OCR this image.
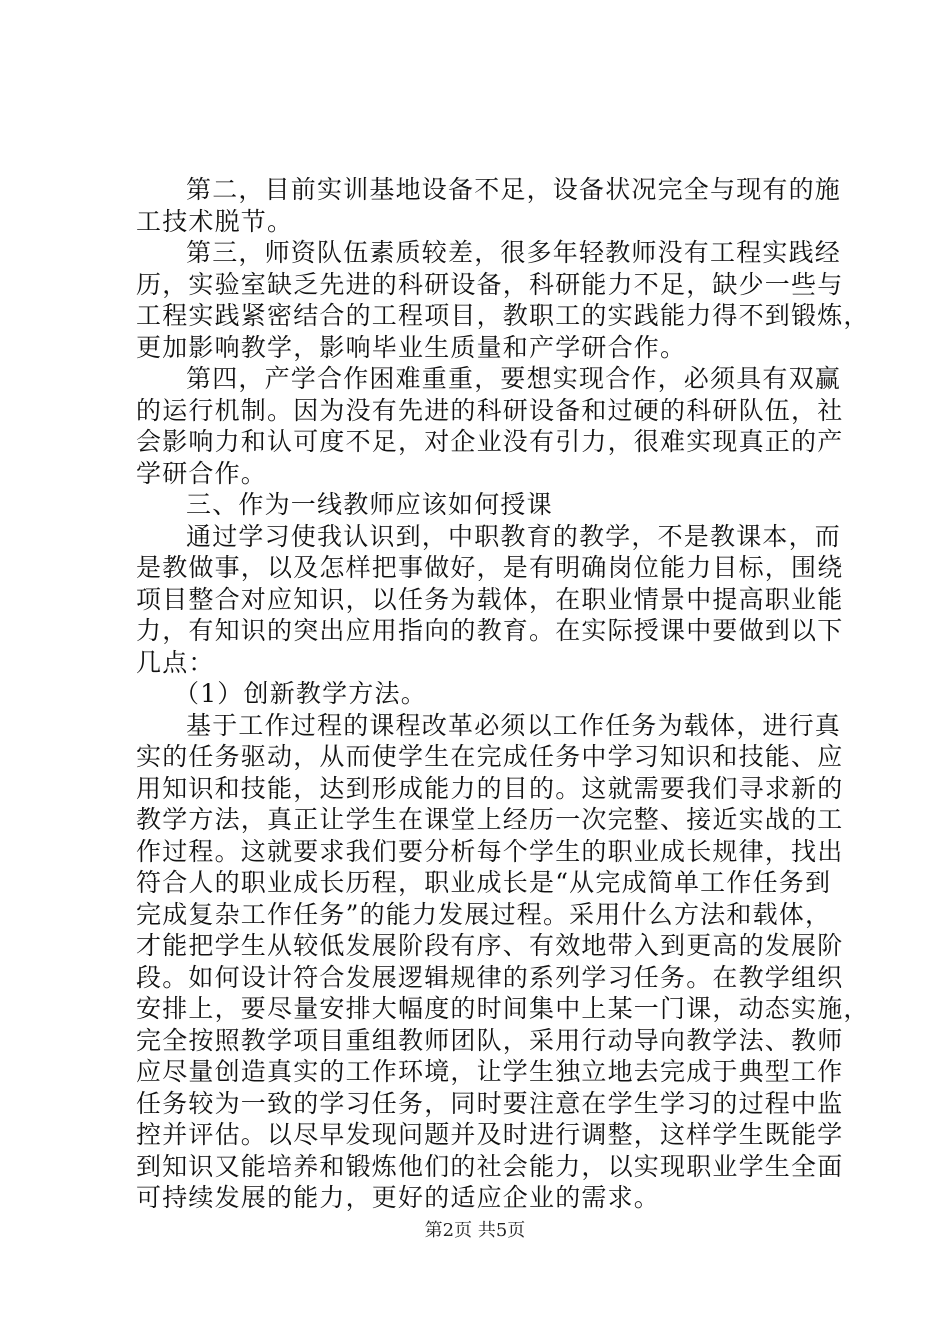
第二，目前实训基地设备不足，设备状况完全与现有的施
工技术脱节。
第三，师资队伍素质较差，很多年轻教师没有工程实践经
历，实验室缺乏先进的科研设备，科研能力不足，缺少一些与
工程实践紧密结合的工程项目，教职工的实践能力得不到锻炼，
更加影响教学，影响毕业生质量和产学研合作。
第四，产学合作困难重重，要想实现合作，必须具有双赢
的运行机制。因为没有先进的科研设备和过硬的科研队伍，社
会影响力和认可度不足，对企业没有引力，很难实现真正的产
学研合作。
三、作为一线教师应该如何授课
通过学习使我认识到，中职教育的教学，不是教课本，而
是教做事，以及怎样把事做好，是有明确岗位能力目标，围绕
项目整合对应知识，以任务为载体，在职业情景中提高职业能
力，有知识的突出应用指向的教育。在实际授课中要做到以下
几点：
（1）创新教学方法。
基于工作过程的课程改革必须以工作任务为载体，进行真
实的任务驱动，从而使学生在完成任务中学习知识和技能、应
用知识和技能，达到形成能力的目的。这就需要我们寻求新的
教学方法，真正让学生在课堂上经历一次完整、接近实战的工
作过程。这就要求我们要分析每个学生的职业成长规律，找出
符合人的职业成长历程，职业成长是“从完成简单工作任务到
完成复杂工作任务”的能力发展过程。采用什么方法和载体，
才能把学生从较低发展阶段有序、有效地带入到更高的发展阶
段。如何设计符合发展逻辑规律的系列学习任务。在教学组织
安排上，要尽量安排大幅度的时间集中上某一门课，动态实施，
完全按照教学项目重组教师团队，采用行动导向教学法、教师
应尽量创造真实的工作环境，让学生独立地去完成于典型工作
任务较为一致的学习任务，同时要注意在学生学习的过程中监
控并评估。以尽早发现问题并及时进行调整，这样学生既能学
到知识又能培养和锻炼他们的社会能力，以实现职业学生全面
可持续发展的能力，更好的适应企业的需求。
第2页 共5页
